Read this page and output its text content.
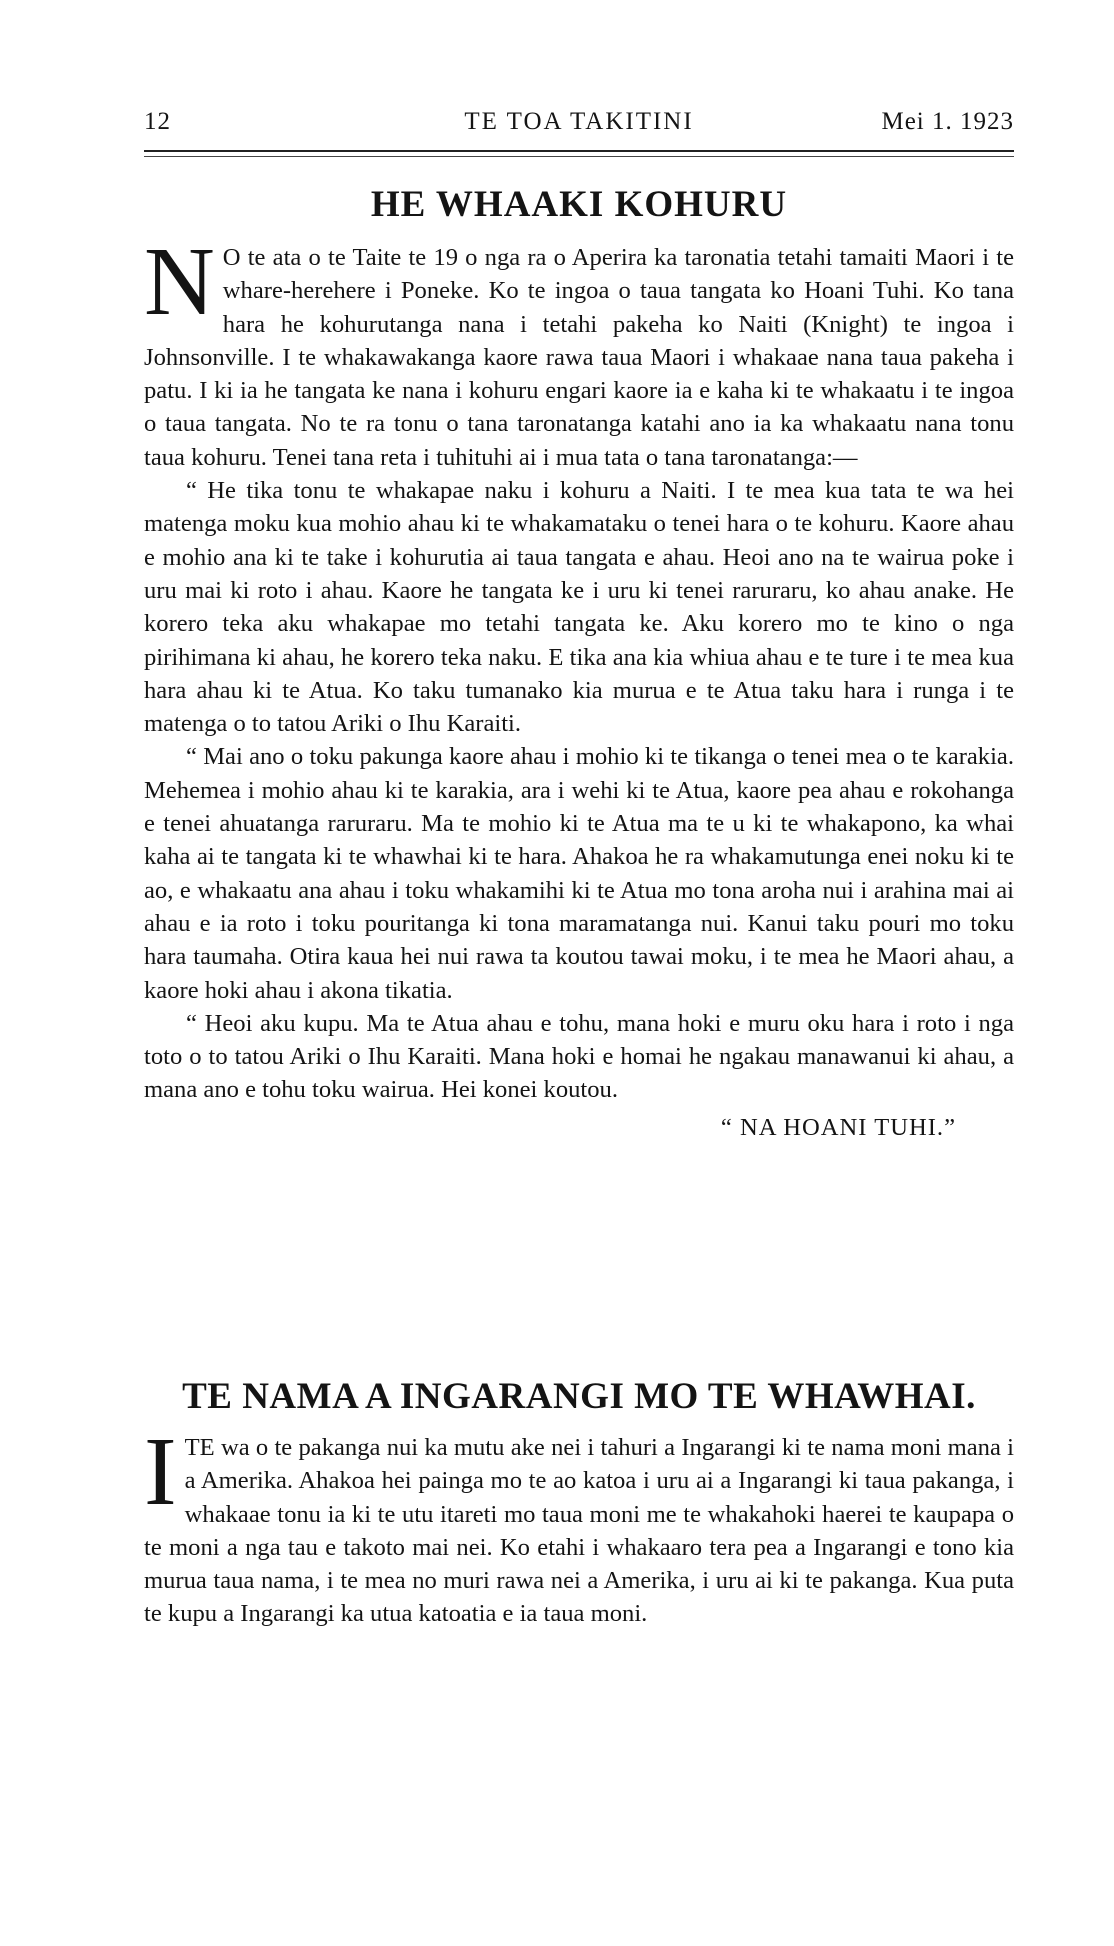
TE TOA TAKITINI
12	Mei 1. 1923
HE WHAAKI KOHURU

N O te ata o te Taite te 19 o nga ra o Aperira ka taronatia tetahi tamaiti Maori i te whare-herehere i Poneke. Ko te ingoa o taua tangata ko Hoani Tuhi. Ko tana hara he kohurutanga nana i tetahi pakeha ko Naiti (Knight) te ingoa i Johnsonville. I te whakawakanga kaore rawa taua Maori i whakaae nana taua pakeha i patu. I ki ia he tangata ke nana i kohuru engari kaore ia e kaha ki te whakaatu i te ingoa o taua tangata. No te ra tonu o tana taronatanga katahi ano ia ka whakaatu nana tonu taua kohuru. Tenei tana reta i tuhituhi ai i mua tata o tana taronatanga:—

“ He tika tonu te whakapae naku i kohuru a Naiti. I te mea kua tata te wa hei matenga moku kua mohio ahau ki te whakamataku o tenei hara o te kohuru. Kaore ahau e mohio ana ki te take i kohurutia ai taua tangata e ahau. Heoi ano na te wairua poke i uru mai ki roto i ahau. Kaore he tangata ke i uru ki tenei raruraru, ko ahau anake. He korero teka aku whakapae mo tetahi tangata ke. Aku korero mo te kino o nga pirihimana ki ahau, he korero teka naku. E tika ana kia whiua ahau e te ture i te mea kua hara ahau ki te Atua. Ko taku tumanako kia murua e te Atua taku hara i runga i te matenga o to tatou Ariki o Ihu Karaiti.

“ Mai ano o toku pakunga kaore ahau i mohio ki te tikanga o tenei mea o te karakia. Mehemea i mohio ahau ki te karakia, ara i wehi ki te Atua, kaore pea ahau e rokohanga e tenei ahuatanga raruraru. Ma te mohio ki te Atua ma te u ki te whakapono, ka whai kaha ai te tangata ki te whawhai ki te hara. Ahakoa he ra whakamutunga enei noku ki te ao, e whakaatu ana ahau i toku whakamihi ki te Atua mo tona aroha nui i arahina mai ai ahau e ia roto i toku pouritanga ki tona maramatanga nui. Kanui taku pouri mo toku hara taumaha. Otira kaua hei nui rawa ta koutou tawai moku, i te mea he Maori ahau, a kaore hoki ahau i akona tikatia.

“ Heoi aku kupu. Ma te Atua ahau e tohu, mana hoki e muru oku hara i roto i nga toto o to tatou Ariki o Ihu Karaiti. Mana hoki e homai he ngakau manawanui ki ahau, a mana ano e tohu toku wairua. Hei konei koutou.

“ NA HOANI TUHI.”

TE NAMA A INGARANGI MO TE WHAWHAI.

ITE wa o te pakanga nui ka mutu ake nei i tahuri a Ingarangi ki te nama moni mana i a Amerika. Ahakoa hei painga mo te ao katoa i uru ai a Ingarangi ki taua pakanga, i whakaae tonu ia ki te utu itareti mo taua moni me te whakahoki haerei te kaupapa o te moni a nga tau e takoto mai nei. Ko etahi i whakaaro tera pea a Ingarangi e tono kia murua taua nama, i te mea no muri rawa nei a Amerika, i uru ai ki te pakanga. Kua puta te kupu a Ingarangi ka utua katoatia e ia taua moni.
